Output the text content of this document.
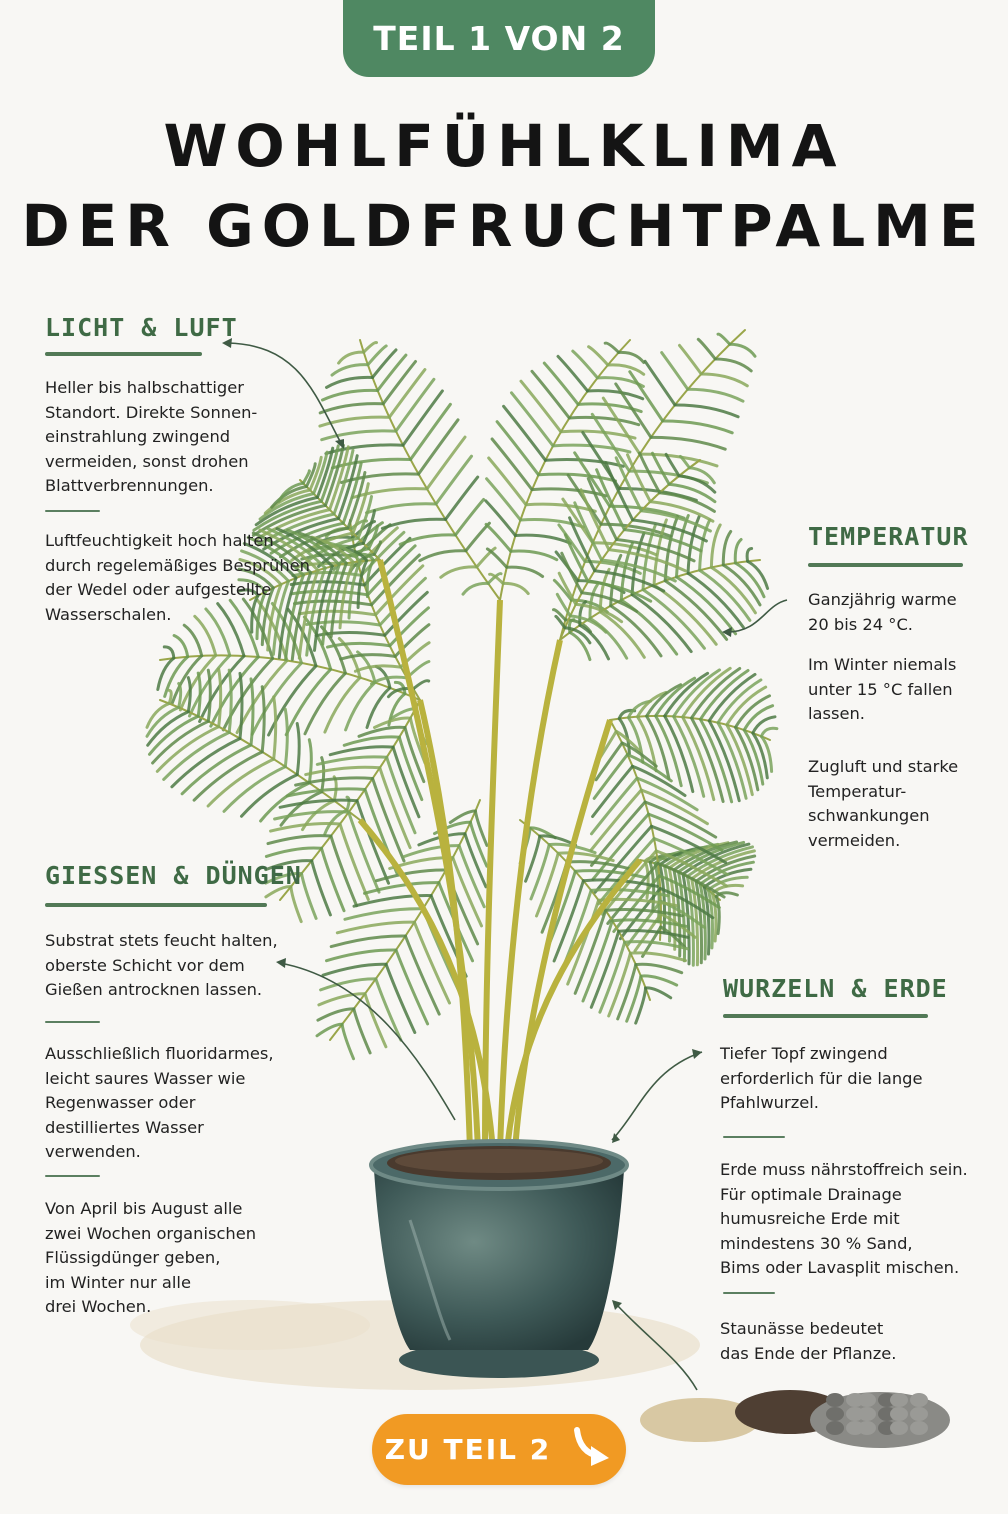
TEIL 1 VON 2
WOHLFÜHLKLIMA
DER GOLDFRUCHTPALME
LICHT & LUFT

Heller bis halbschattiger
Standort. Direkte Sonnen-
einstrahlung zwingend
vermeiden, sonst drohen
Blattverbrennungen.

Luftfeuchtigkeit hoch halten
durch regelemäßiges Besprühen
der Wedel oder aufgestellte
Wasserschalen.

TEMPERATUR

Ganzjährig warme
20 bis 24 °C.

Im Winter niemals
unter 15 °C fallen
lassen.

Zugluft und starke
Temperatur-
schwankungen
vermeiden.

GIESSEN & DÜNGEN

Substrat stets feucht halten,
oberste Schicht vor dem
Gießen antrocknen lassen.

Ausschließlich fluoridarmes,
leicht saures Wasser wie
Regenwasser oder
destilliertes Wasser
verwenden.

Von April bis August alle
zwei Wochen organischen
Flüssigdünger geben,
im Winter nur alle
drei Wochen.

WURZELN & ERDE

Tiefer Topf zwingend
erforderlich für die lange
Pfahlwurzel.

Erde muss nährstoffreich sein.
Für optimale Drainage
humusreiche Erde mit
mindestens 30 % Sand,
Bims oder Lavasplit mischen.

Staunässe bedeutet
das Ende der Pflanze.

ZU TEIL 2
